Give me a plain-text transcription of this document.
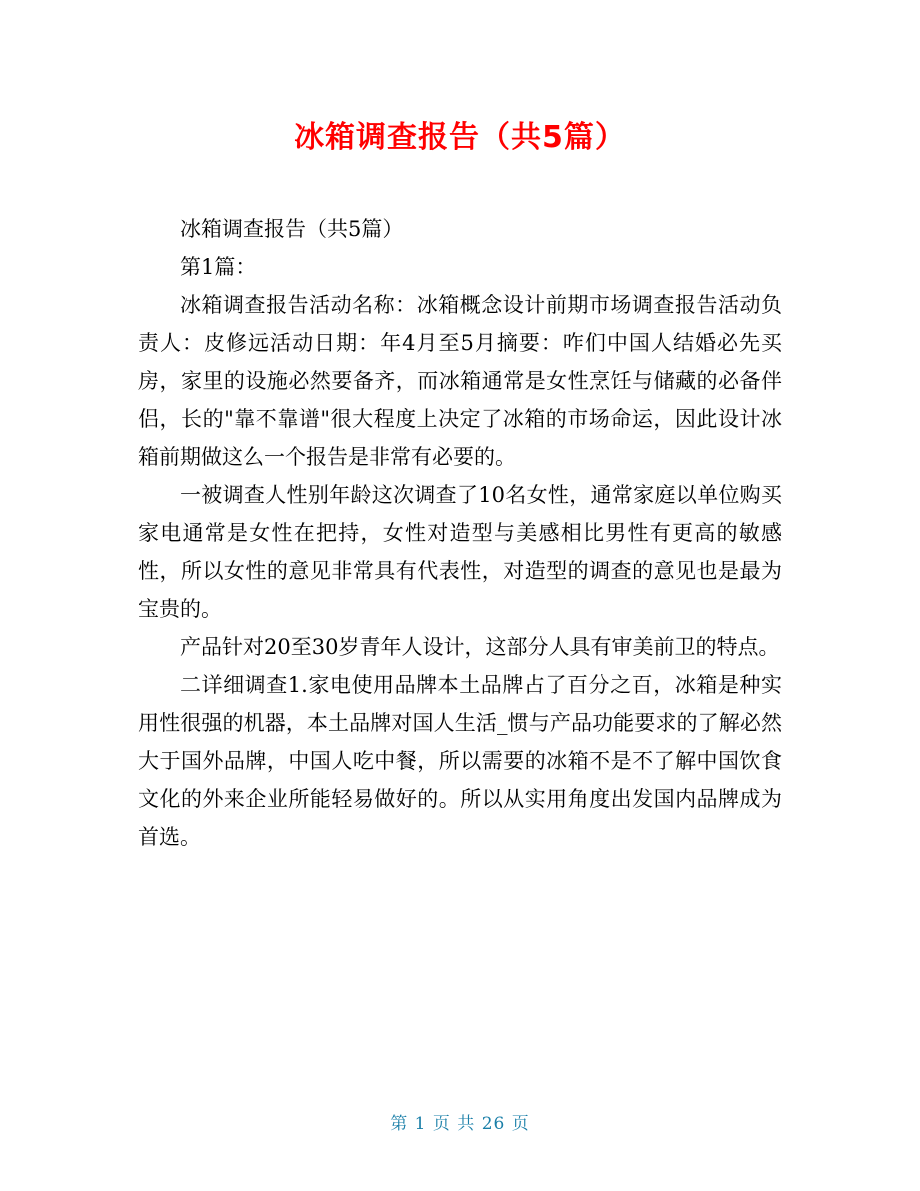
冰箱调查报告（共5篇）

冰箱调查报告（共5篇）

第1篇：

冰箱调查报告活动名称：冰箱概念设计前期市场调查报告活动负责人：皮修远活动日期：年4月至5月摘要：咋们中国人结婚必先买房，家里的设施必然要备齐，而冰箱通常是女性烹饪与储藏的必备伴侣，长的"靠不靠谱"很大程度上决定了冰箱的市场命运，因此设计冰箱前期做这么一个报告是非常有必要的。

一被调查人性别年龄这次调查了10名女性，通常家庭以单位购买家电通常是女性在把持，女性对造型与美感相比男性有更高的敏感性，所以女性的意见非常具有代表性，对造型的调查的意见也是最为宝贵的。

产品针对20至30岁青年人设计，这部分人具有审美前卫的特点。

二详细调查1.家电使用品牌本土品牌占了百分之百，冰箱是种实用性很强的机器，本土品牌对国人生活_惯与产品功能要求的了解必然大于国外品牌，中国人吃中餐，所以需要的冰箱不是不了解中国饮食文化的外来企业所能轻易做好的。所以从实用角度出发国内品牌成为首选。

第 1 页 共 26 页
